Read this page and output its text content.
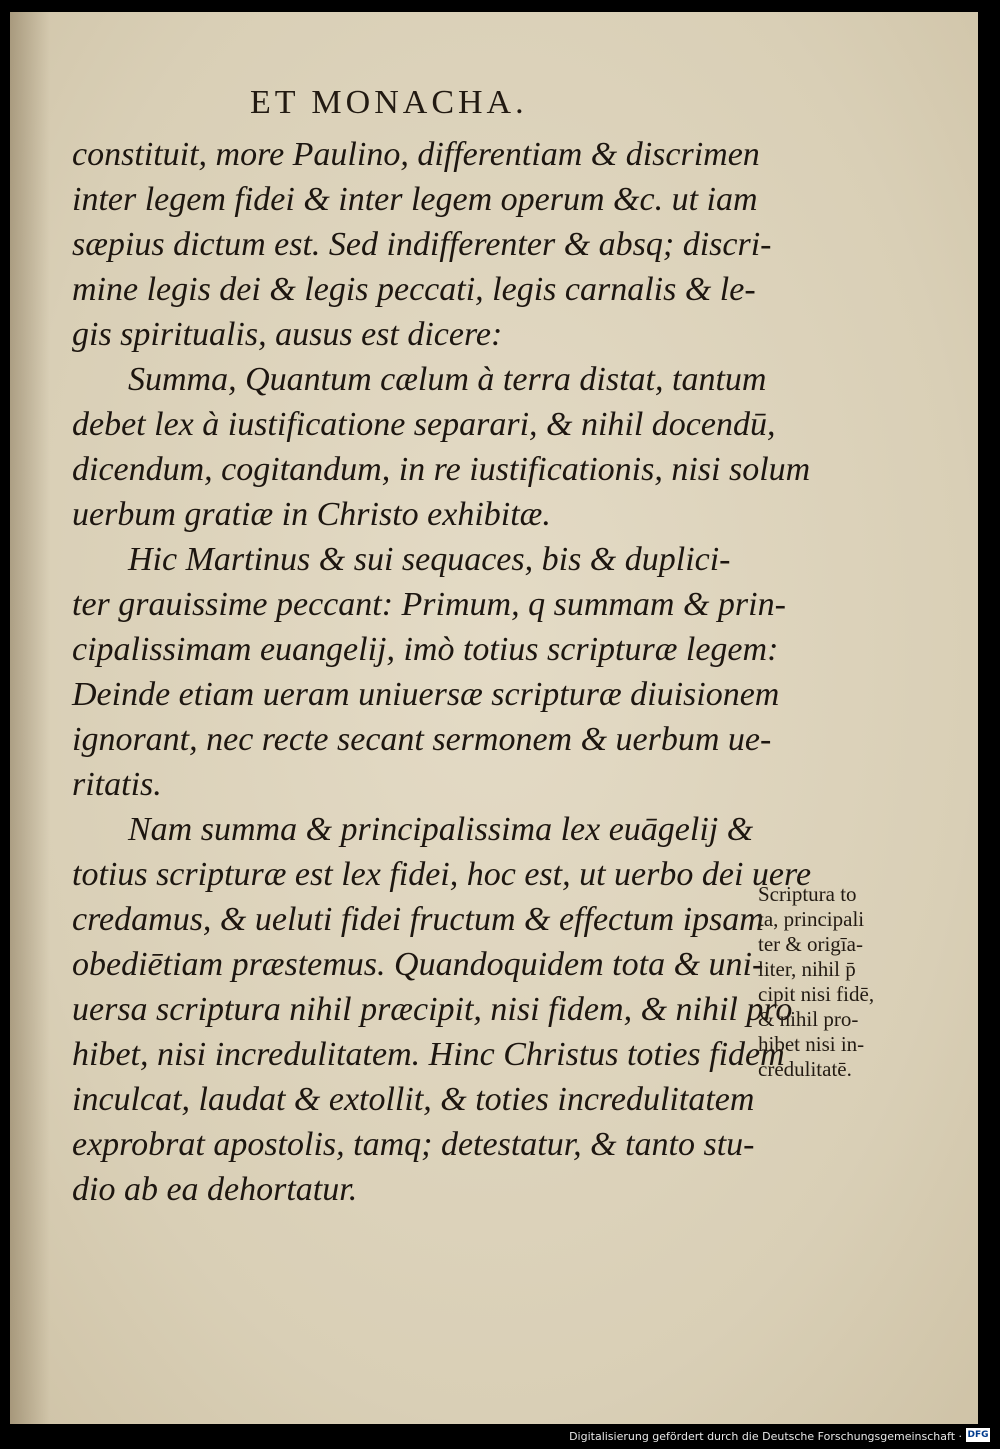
ET MONACHA.
constituit, more Paulino, differentiam & discrimen
inter legem fidei & inter legem operum &c. ut iam
sæpius dictum est. Sed indifferenter & absq; discri-
mine legis dei & legis peccati, legis carnalis & le-
gis spiritualis, ausus est dicere:
Summa, Quantum cælum à terra distat, tantum
debet lex à iustificatione separari, & nihil docendū,
dicendum, cogitandum, in re iustificationis, nisi solum
uerbum gratiæ in Christo exhibitæ.
Hic Martinus & sui sequaces, bis & duplici-
ter grauissime peccant: Primum, q summam & prin-
cipalissimam euangelij, imò totius scripturæ legem:
Deinde etiam ueram uniuersæ scripturæ diuisionem
ignorant, nec recte secant sermonem & uerbum ue-
ritatis.
Nam summa & principalissima lex euāgelij &
totius scripturæ est lex fidei, hoc est, ut uerbo dei uere
credamus, & ueluti fidei fructum & effectum ipsam
obediētiam præstemus. Quandoquidem tota & uni-
uersa scriptura nihil præcipit, nisi fidem, & nihil pro
hibet, nisi incredulitatem. Hinc Christus toties fidem
inculcat, laudat & extollit, & toties incredulitatem
exprobrat apostolis, tamq; detestatur, & tanto stu-
dio ab ea dehortatur.
Scriptura to
ta, principali
ter & origīa-
liter, nihil p̄
cipit nisi fidē,
& nihil pro-
hibet nisi in-
credulitatē.
Digitalisierung gefördert durch die Deutsche Forschungsgemeinschaft · DFG
